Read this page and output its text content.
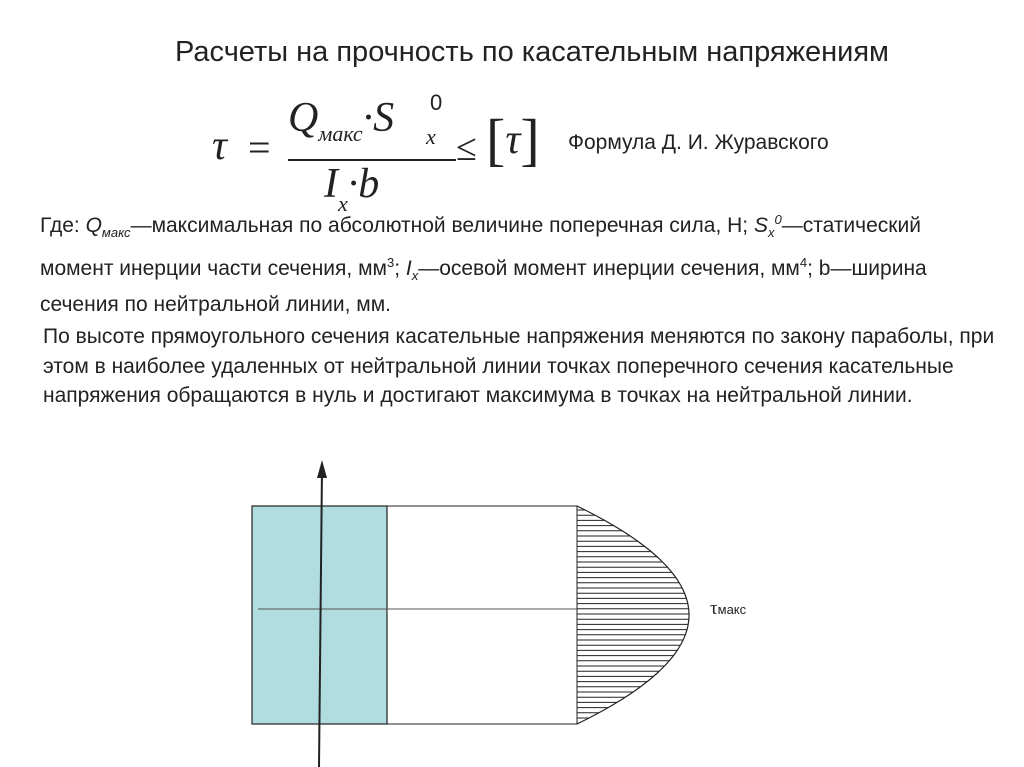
Расчеты на прочность по касательным напряжениям
τ =
$Q_{макс}\cdot S$ x
0
$I_x\cdot b$
≤ [τ] Формула Д. И. Журавского
Где: $Q_{макс}—максимальная$ по абсолютной величине поперечная сила, Н; $S_x^0—статический$ момент инерции части сечения, $мм^3$; $I_x—осевой$ момент инерции сечения, $мм^4$; b—ширина сечения по нейтральной линии, мм.
По высоте прямоугольного сечения касательные напряжения меняются по закону параболы, при этом в наиболее удаленных от нейтральной линии точках поперечного сечения касательные напряжения обращаются в нуль и достигают максимума в точках на нейтральной линии.
τмакс
